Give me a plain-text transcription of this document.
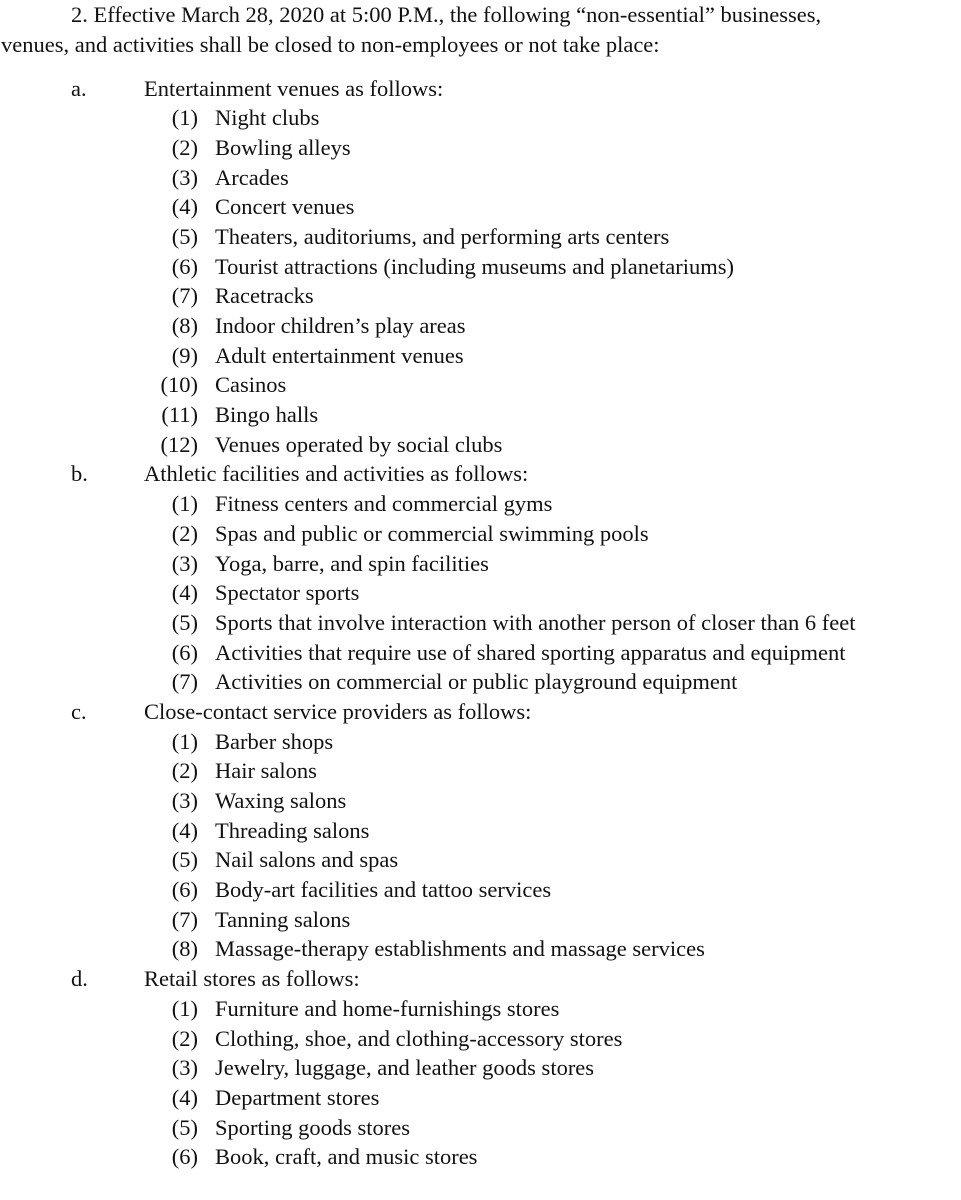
2. Effective March 28, 2020 at 5:00 P.M., the following “non-essential” businesses,
venues, and activities shall be closed to non-employees or not take place:
a.	Entertainment venues as follows:
(1) Night clubs
(2) Bowling alleys
(3) Arcades
(4) Concert venues
(5) Theaters, auditoriums, and performing arts centers
(6) Tourist attractions (including museums and planetariums)
(7) Racetracks
(8) Indoor children’s play areas
(9) Adult entertainment venues
(10) Casinos
(11) Bingo halls
(12) Venues operated by social clubs
b. Athletic facilities and activities as follows:
(1) Fitness centers and commercial gyms
(2) Spas and public or commercial swimming pools
(3) Yoga, barre, and spin facilities
(4) Spectator sports
(5) Sports that involve interaction with another person of closer than 6 feet
(6) Activities that require use of shared sporting apparatus and equipment
(7) Activities on commercial or public playground equipment
c.	Close-contact service providers as follows:
(1) Barber shops
(2) Hair salons
(3) Waxing salons
(4) Threading salons
(5) Nail salons and spas
(6) Body-art facilities and tattoo services
(7) Tanning salons
(8) Massage-therapy establishments and massage services
d. Retail stores as follows:
(1) Furniture and home-furnishings stores
(2) Clothing, shoe, and clothing-accessory stores
(3) Jewelry, luggage, and leather goods stores
(4) Department stores
(5) Sporting goods stores
(6) Book, craft, and music stores
